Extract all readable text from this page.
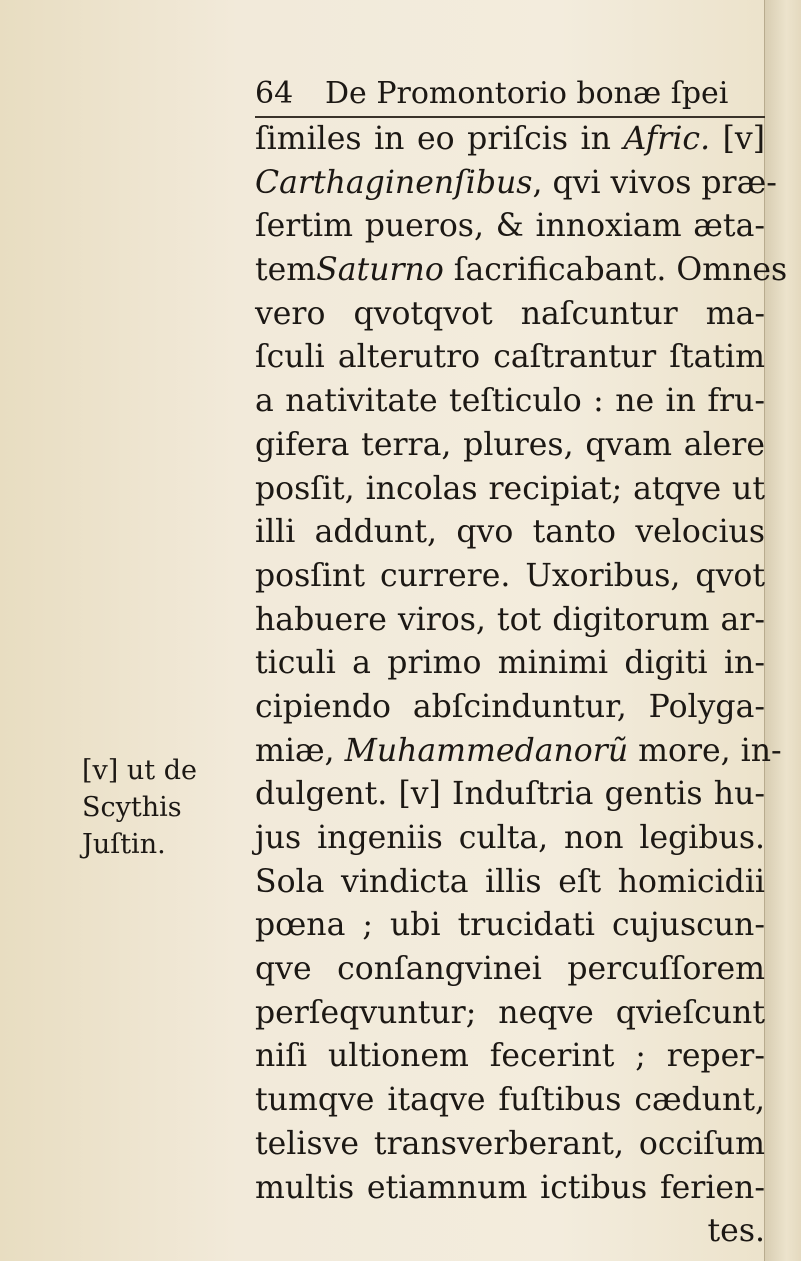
64 De Promontorio bonæ ſpei
ſimiles in eo priſcis in Afric. [v]
Carthaginenſibus, qvi vivos præ-
ſertim pueros, & innoxiam æta-
temSaturno ſacrificabant. Omnes
vero qvotqvot naſcuntur ma-
ſculi alterutro caſtrantur ſtatim
a nativitate teſticulo : ne in fru-
gifera terra, plures, qvam alere
posſit, incolas recipiat; atqve ut
illi addunt, qvo tanto velocius
posſint currere. Uxoribus, qvot
habuere viros, tot digitorum ar-
ticuli a primo minimi digiti in-
cipiendo abſcinduntur, Polyga-
miæ, Muhammedanorũ more, in-
dulgent. [v] Induſtria gentis hu-
jus ingeniis culta, non legibus.
Sola vindicta illis eſt homicidii
pœna ; ubi trucidati cujuscun-
qve conſangvinei percuſſorem
perſeqvuntur; neqve qvieſcunt
niſi ultionem fecerint ; reper-
tumqve itaqve fuſtibus cædunt,
telisve transverberant, occiſum
multis etiamnum ictibus ferien-
tes.
[v] ut de
Scythis
Juſtin.
